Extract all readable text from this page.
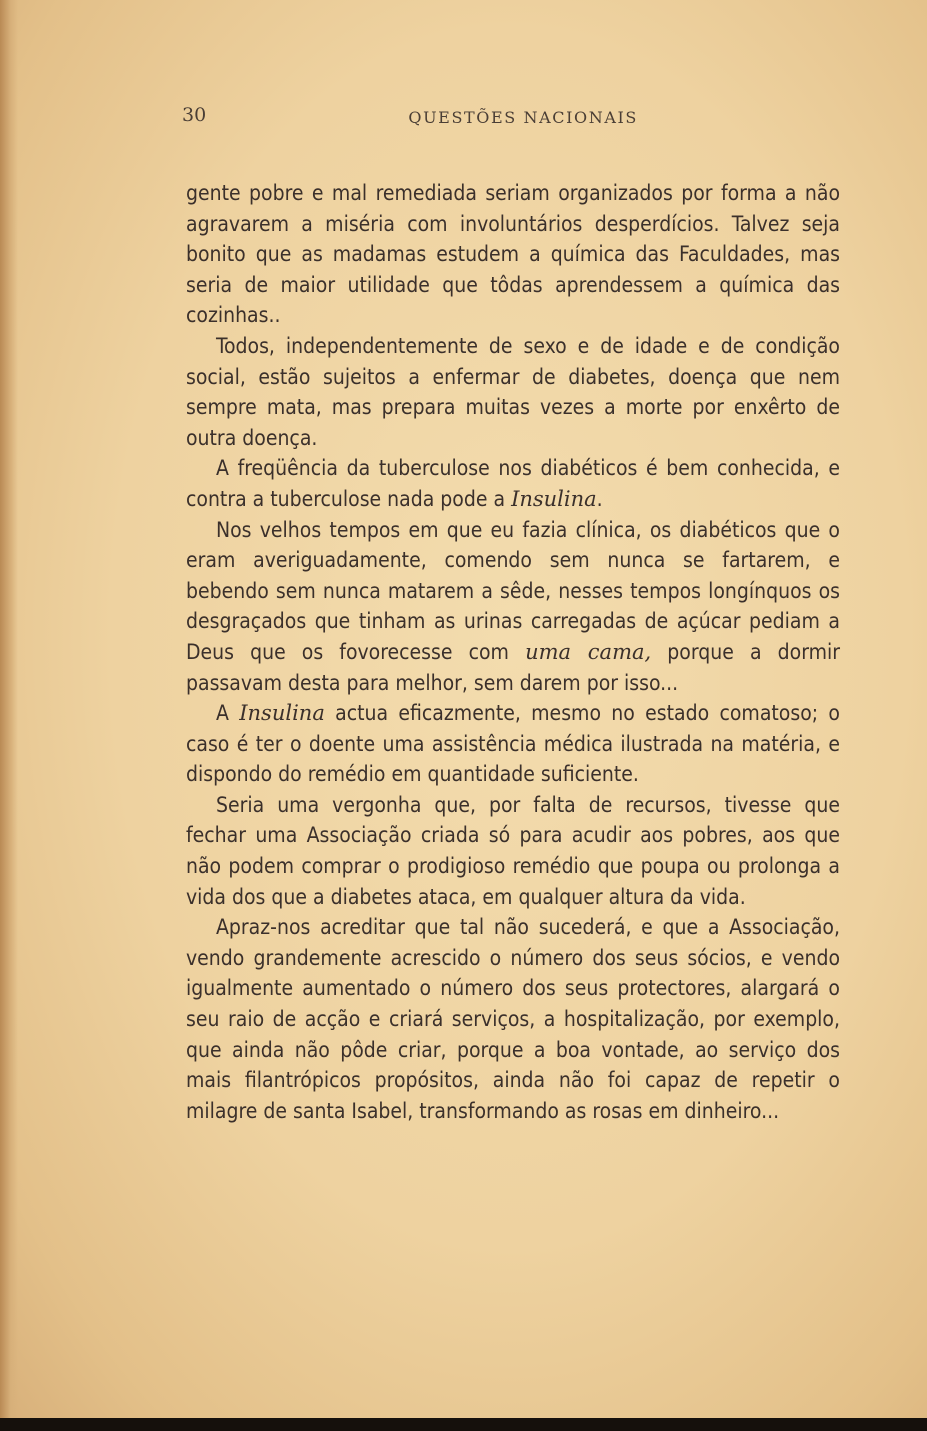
30	QUESTÕES NACIONAIS

gente pobre e mal remediada seriam organizados por forma a não agravarem a miséria com involuntários desperdícios. Talvez seja bonito que as madamas estudem a química das Faculdades, mas seria de maior utilidade que tôdas aprendessem a química das cozinhas..

Todos, independentemente de sexo e de idade e de condição social, estão sujeitos a enfermar de diabetes, doença que nem sempre mata, mas prepara muitas vezes a morte por enxêrto de outra doença.

A freqüência da tuberculose nos diabéticos é bem conhecida, e contra a tuberculose nada pode a Insulina.

Nos velhos tempos em que eu fazia clínica, os diabéticos que o eram averiguadamente, comendo sem nunca se fartarem, e bebendo sem nunca matarem a sêde, nesses tempos longínquos os desgraçados que tinham as urinas carregadas de açúcar pediam a Deus que os fovorecesse com uma cama, porque a dormir passavam desta para melhor, sem darem por isso...

A Insulina actua eficazmente, mesmo no estado comatoso; o caso é ter o doente uma assistência médica ilustrada na matéria, e dispondo do remédio em quantidade suficiente.

Seria uma vergonha que, por falta de recursos, tivesse que fechar uma Associação criada só para acudir aos pobres, aos que não podem comprar o prodigioso remédio que poupa ou prolonga a vida dos que a diabetes ataca, em qualquer altura da vida.

Apraz-nos acreditar que tal não sucederá, e que a Associação, vendo grandemente acrescido o número dos seus sócios, e vendo igualmente aumentado o número dos seus protectores, alargará o seu raio de acção e criará serviços, a hospitalização, por exemplo, que ainda não pôde criar, porque a boa vontade, ao serviço dos mais filantrópicos propósitos, ainda não foi capaz de repetir o milagre de santa Isabel, transformando as rosas em dinheiro...
